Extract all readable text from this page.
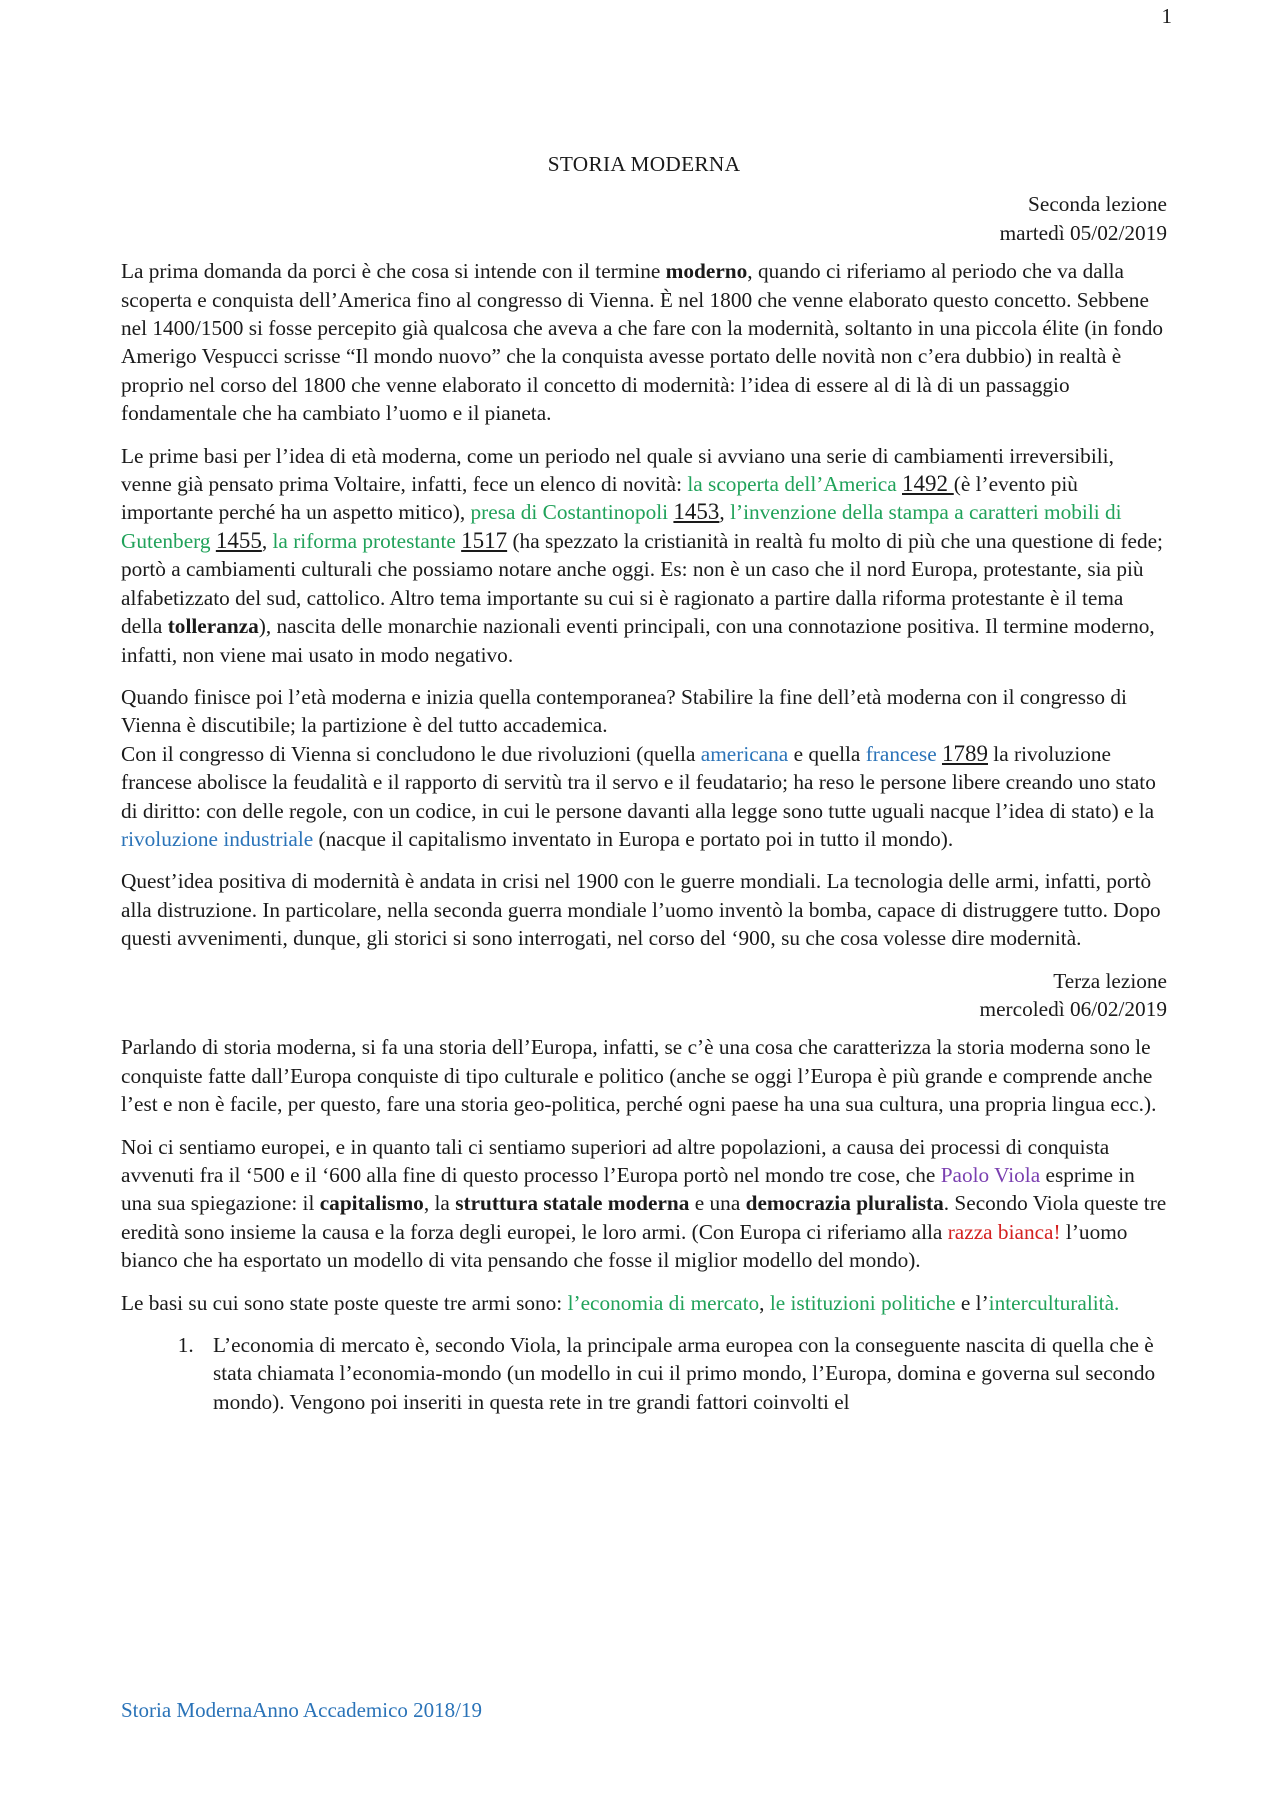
1
STORIA MODERNA
Seconda lezione
martedì 05/02/2019

La prima domanda da porci è che cosa si intende con il termine moderno, quando ci riferiamo al periodo che va dalla scoperta e conquista dell’America fino al congresso di Vienna. È nel 1800 che venne elaborato questo concetto. Sebbene nel 1400/1500 si fosse percepito già qualcosa che aveva a che fare con la modernità, soltanto in una piccola élite (in fondo Amerigo Vespucci scrisse “Il mondo nuovo” che la conquista avesse portato delle novità non c’era dubbio) in realtà è proprio nel corso del 1800 che venne elaborato il concetto di modernità: l’idea di essere al di là di un passaggio fondamentale che ha cambiato l’uomo e il pianeta.

Le prime basi per l’idea di età moderna, come un periodo nel quale si avviano una serie di cambiamenti irreversibili, venne già pensato prima Voltaire, infatti, fece un elenco di novità: la scoperta dell’America 1492 (è l’evento più importante perché ha un aspetto mitico), presa di Costantinopoli 1453, l’invenzione della stampa a caratteri mobili di Gutenberg 1455, la riforma protestante 1517 (ha spezzato la cristianità in realtà fu molto di più che una questione di fede; portò a cambiamenti culturali che possiamo notare anche oggi. Es: non è un caso che il nord Europa, protestante, sia più alfabetizzato del sud, cattolico. Altro tema importante su cui si è ragionato a partire dalla riforma protestante è il tema della tolleranza), nascita delle monarchie nazionali eventi principali, con una connotazione positiva. Il termine moderno, infatti, non viene mai usato in modo negativo.

Quando finisce poi l’età moderna e inizia quella contemporanea? Stabilire la fine dell’età moderna con il congresso di Vienna è discutibile; la partizione è del tutto accademica.

Con il congresso di Vienna si concludono le due rivoluzioni (quella americana e quella francese 1789 la rivoluzione francese abolisce la feudalità e il rapporto di servitù tra il servo e il feudatario; ha reso le persone libere creando uno stato di diritto: con delle regole, con un codice, in cui le persone davanti alla legge sono tutte uguali nacque l’idea di stato) e la rivoluzione industriale (nacque il capitalismo inventato in Europa e portato poi in tutto il mondo).

Quest’idea positiva di modernità è andata in crisi nel 1900 con le guerre mondiali. La tecnologia delle armi, infatti, portò alla distruzione. In particolare, nella seconda guerra mondiale l’uomo inventò la bomba, capace di distruggere tutto. Dopo questi avvenimenti, dunque, gli storici si sono interrogati, nel corso del ‘900, su che cosa volesse dire modernità.

Terza lezione
mercoledì 06/02/2019

Parlando di storia moderna, si fa una storia dell’Europa, infatti, se c’è una cosa che caratterizza la storia moderna sono le conquiste fatte dall’Europa conquiste di tipo culturale e politico (anche se oggi l’Europa è più grande e comprende anche l’est e non è facile, per questo, fare una storia geo-politica, perché ogni paese ha una sua cultura, una propria lingua ecc.).

Noi ci sentiamo europei, e in quanto tali ci sentiamo superiori ad altre popolazioni, a causa dei processi di conquista avvenuti fra il ‘500 e il ‘600 alla fine di questo processo l’Europa portò nel mondo tre cose, che Paolo Viola esprime in una sua spiegazione: il capitalismo, la struttura statale moderna e una democrazia pluralista. Secondo Viola queste tre eredità sono insieme la causa e la forza degli europei, le loro armi. (Con Europa ci riferiamo alla razza bianca! l’uomo bianco che ha esportato un modello di vita pensando che fosse il miglior modello del mondo).

Le basi su cui sono state poste queste tre armi sono: l’economia di mercato, le istituzioni politiche e l’interculturalità.

1. L’economia di mercato è, secondo Viola, la principale arma europea con la conseguente nascita di quella che è stata chiamata l’economia-mondo (un modello in cui il primo mondo, l’Europa, domina e governa sul secondo mondo). Vengono poi inseriti in questa rete in tre grandi fattori coinvolti el
Storia ModernaAnno Accademico 2018/19
